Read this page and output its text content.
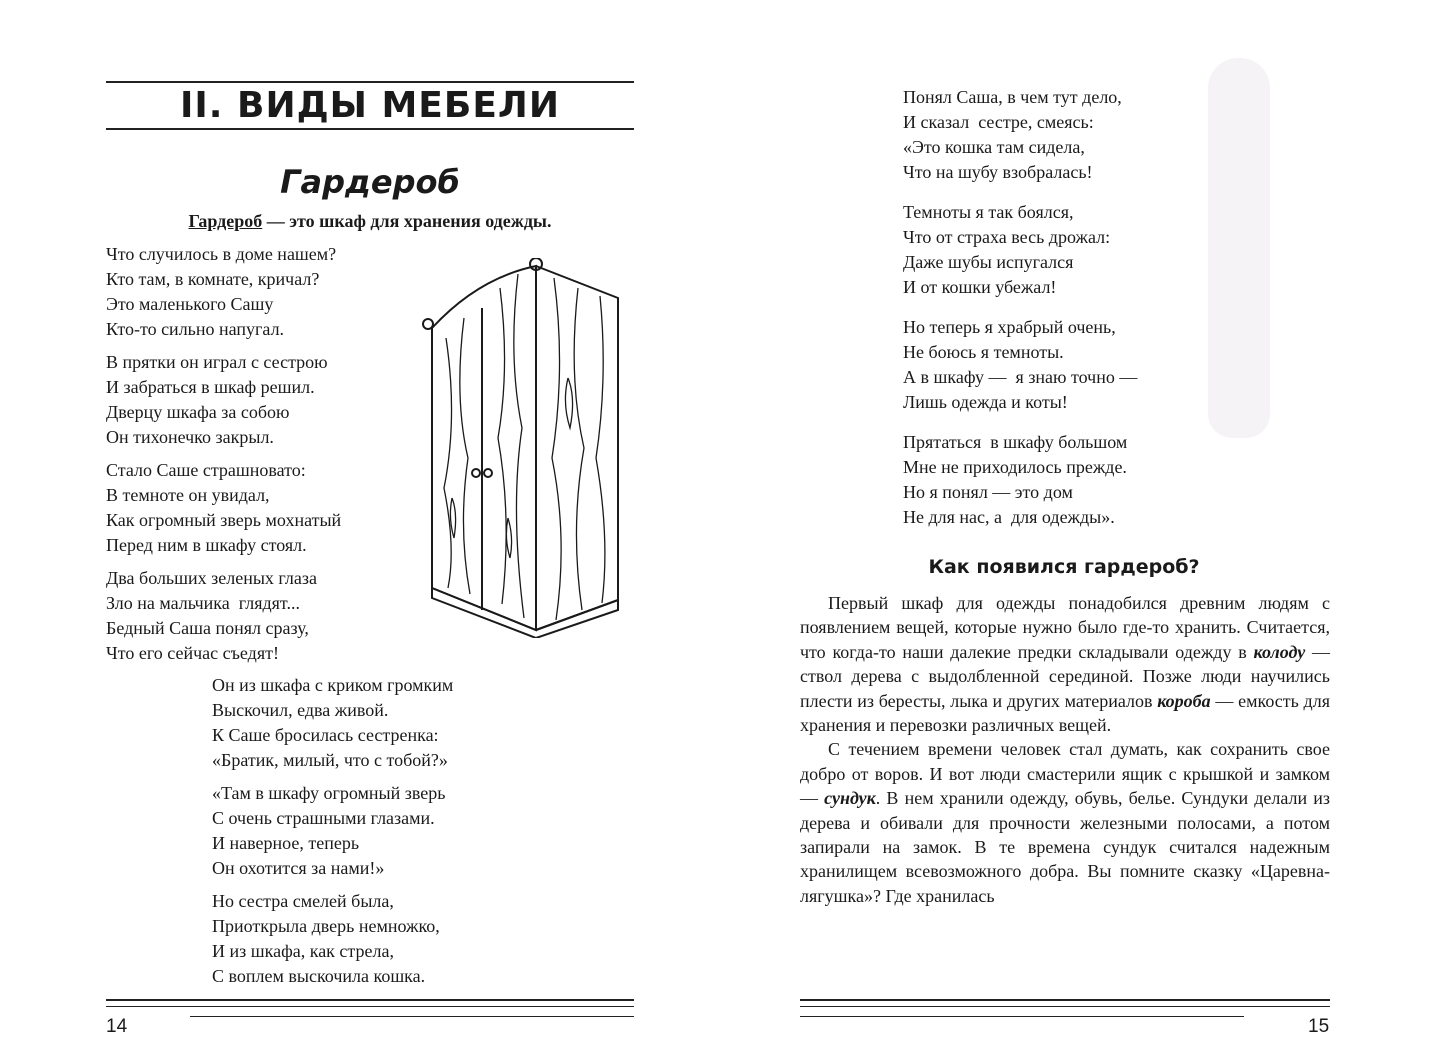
II. ВИДЫ МЕБЕЛИ
Гардероб
Гардероб — это шкаф для хранения одежды.
Что случилось в доме нашем?
Кто там, в комнате, кричал?
Это маленького Сашу
Кто-то сильно напугал.
В прятки он играл с сестрою
И забраться в шкаф решил.
Дверцу шкафа за собою
Он тихонечко закрыл.
Стало Саше страшновато:
В темноте он увидал,
Как огромный зверь мохнатый
Перед ним в шкафу стоял.
Два больших зеленых глаза
Зло на мальчика  глядят...
Бедный Саша понял сразу,
Что его сейчас съедят!
Он из шкафа с криком громким
Выскочил, едва живой.
К Саше бросилась сестренка:
«Братик, милый, что с тобой?»
«Там в шкафу огромный зверь
С очень страшными глазами.
И наверное, теперь
Он охотится за нами!»
Но сестра смелей была,
Приоткрыла дверь немножко,
И из шкафа, как стрела,
С воплем выскочила кошка.
14
Понял Саша, в чем тут дело,
И сказал  сестре, смеясь:
«Это кошка там сидела,
Что на шубу взобралась!
Темноты я так боялся,
Что от страха весь дрожал:
Даже шубы испугался
И от кошки убежал!
Но теперь я храбрый очень,
Не боюсь я темноты.
А в шкафу —  я знаю точно —
Лишь одежда и коты!
Прятаться  в шкафу большом
Мне не приходилось прежде.
Но я понял — это дом
Не для нас, а  для одежды».
Как появился гардероб?

Первый шкаф для одежды понадобился древним людям с появлением вещей, которые нужно было где-то хранить. Считается, что когда-то наши далекие предки складывали одежду в колоду — ствол дерева с выдолбленной серединой. Позже люди научились плести из бересты, лыка и других материалов короба — емкость для хранения и перевозки различных вещей.

С течением времени человек стал думать, как сохранить свое добро от воров. И вот люди смастерили ящик с крышкой и замком — сундук. В нем хранили одежду, обувь, белье. Сундуки делали из дерева и обивали для прочности железными полосами, а потом запирали на замок. В те времена сундук считался надежным хранилищем всевозможного добра. Вы помните сказку «Царевна-лягушка»? Где хранилась

15
